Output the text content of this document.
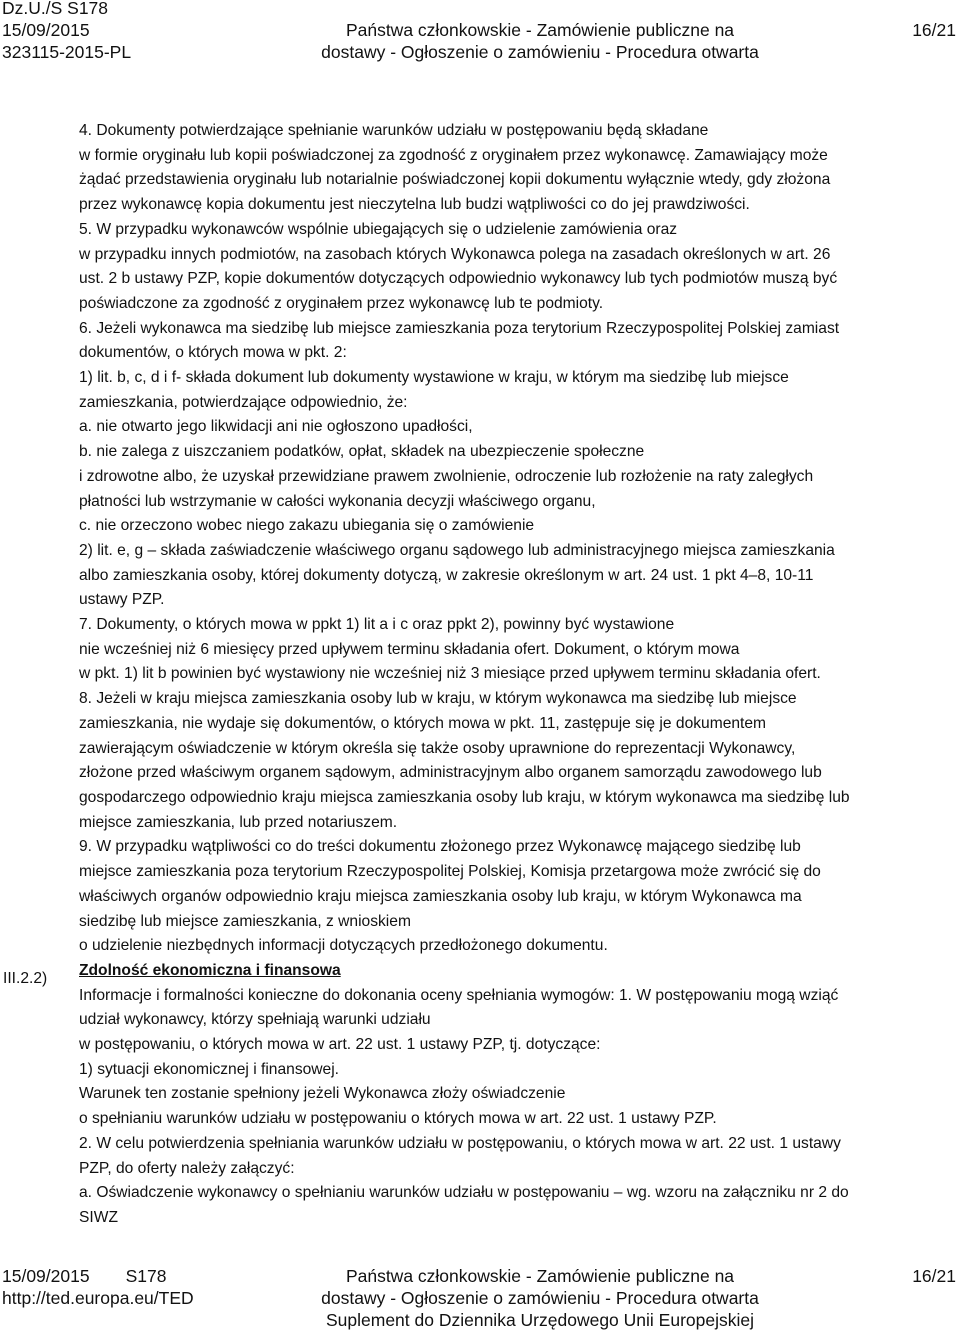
Dz.U./S S178
15/09/2015
323115-2015-PL
Państwa członkowskie - Zamówienie publiczne na
dostawy - Ogłoszenie o zamówieniu - Procedura otwarta
16/21

4. Dokumenty potwierdzające spełnianie warunków udziału w postępowaniu będą składane

w formie oryginału lub kopii poświadczonej za zgodność z oryginałem przez wykonawcę. Zamawiający może

żądać przedstawienia oryginału lub notarialnie poświadczonej kopii dokumentu wyłącznie wtedy, gdy złożona

przez wykonawcę kopia dokumentu jest nieczytelna lub budzi wątpliwości co do jej prawdziwości.

5. W przypadku wykonawców wspólnie ubiegających się o udzielenie zamówienia oraz

w przypadku innych podmiotów, na zasobach których Wykonawca polega na zasadach określonych w art. 26

ust. 2 b ustawy PZP, kopie dokumentów dotyczących odpowiednio wykonawcy lub tych podmiotów muszą być

poświadczone za zgodność z oryginałem przez wykonawcę lub te podmioty.

6. Jeżeli wykonawca ma siedzibę lub miejsce zamieszkania poza terytorium Rzeczypospolitej Polskiej zamiast

dokumentów, o których mowa w pkt. 2:

1) lit. b, c, d i f- składa dokument lub dokumenty wystawione w kraju, w którym ma siedzibę lub miejsce

zamieszkania, potwierdzające odpowiednio, że:

a. nie otwarto jego likwidacji ani nie ogłoszono upadłości,

b. nie zalega z uiszczaniem podatków, opłat, składek na ubezpieczenie społeczne

i zdrowotne albo, że uzyskał przewidziane prawem zwolnienie, odroczenie lub rozłożenie na raty zaległych

płatności lub wstrzymanie w całości wykonania decyzji właściwego organu,

c. nie orzeczono wobec niego zakazu ubiegania się o zamówienie

2) lit. e, g – składa zaświadczenie właściwego organu sądowego lub administracyjnego miejsca zamieszkania

albo zamieszkania osoby, której dokumenty dotyczą, w zakresie określonym w art. 24 ust. 1 pkt 4–8, 10-11

ustawy PZP.

7. Dokumenty, o których mowa w ppkt 1) lit a i c oraz ppkt 2), powinny być wystawione

nie wcześniej niż 6 miesięcy przed upływem terminu składania ofert. Dokument, o którym mowa

w pkt. 1) lit b powinien być wystawiony nie wcześniej niż 3 miesiące przed upływem terminu składania ofert.

8. Jeżeli w kraju miejsca zamieszkania osoby lub w kraju, w którym wykonawca ma siedzibę lub miejsce

zamieszkania, nie wydaje się dokumentów, o których mowa w pkt. 11, zastępuje się je dokumentem

zawierającym oświadczenie w którym określa się także osoby uprawnione do reprezentacji Wykonawcy,

złożone przed właściwym organem sądowym, administracyjnym albo organem samorządu zawodowego lub

gospodarczego odpowiednio kraju miejsca zamieszkania osoby lub kraju, w którym wykonawca ma siedzibę lub

miejsce zamieszkania, lub przed notariuszem.

9. W przypadku wątpliwości co do treści dokumentu złożonego przez Wykonawcę mającego siedzibę lub

miejsce zamieszkania poza terytorium Rzeczypospolitej Polskiej, Komisja przetargowa może zwrócić się do

właściwych organów odpowiednio kraju miejsca zamieszkania osoby lub kraju, w którym Wykonawca ma

siedzibę lub miejsce zamieszkania, z wnioskiem

o udzielenie niezbędnych informacji dotyczących przedłożonego dokumentu.

Zdolność ekonomiczna i finansowa

Informacje i formalności konieczne do dokonania oceny spełniania wymogów: 1. W postępowaniu mogą wziąć

udział wykonawcy, którzy spełniają warunki udziału

w postępowaniu, o których mowa w art. 22 ust. 1 ustawy PZP, tj. dotyczące:

1) sytuacji ekonomicznej i finansowej.

Warunek ten zostanie spełniony jeżeli Wykonawca złoży oświadczenie

o spełnianiu warunków udziału w postępowaniu o których mowa w art. 22 ust. 1 ustawy PZP.

2. W celu potwierdzenia spełniania warunków udziału w postępowaniu, o których mowa w art. 22 ust. 1 ustawy

PZP, do oferty należy załączyć:

a. Oświadczenie wykonawcy o spełnianiu warunków udziału w postępowaniu – wg. wzoru na załączniku nr 2 do

SIWZ

III.2.2)
15/09/2015 S178
http://ted.europa.eu/TED
Państwa członkowskie - Zamówienie publiczne na
dostawy - Ogłoszenie o zamówieniu - Procedura otwarta
Suplement do Dziennika Urzędowego Unii Europejskiej
16/21
